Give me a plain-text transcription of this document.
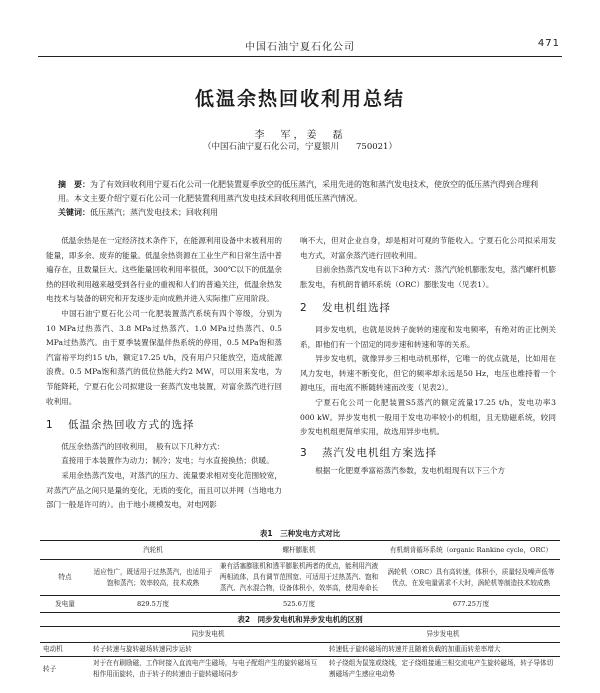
中国石油宁夏石化公司	471
低温余热回收利用总结
李　军，姜　磊
（中国石油宁夏石化公司，宁夏银川　　750021）
摘　要：为了有效回收利用宁夏石化公司一化肥装置夏季放空的低压蒸汽，采用先进的饱和蒸汽发电技术，使放空的低压蒸汽得到合理利用。本文主要介绍宁夏石化公司一化肥装置利用蒸汽发电技术回收利用低压蒸汽情况。
关键词：低压蒸汽；蒸汽发电技术；回收利用

低温余热是在一定经济技术条件下，在能源利用设备中未被利用的能量，即多余、废弃的能量。低温余热资源在工业生产和日常生活中普遍存在，且数量巨大。这些能量回收利用率很低，300℃以下的低温余热的回收利用越来越受到各行业的重视和人们的普遍关注，低温余热发电技术与装备的研究和开发逐步走向成熟并进入实际推广应用阶段。

中国石油宁夏石化公司一化肥装置蒸汽系统有四个等级，分别为10 MPa过热蒸汽、3.8 MPa过热蒸汽、1.0 MPa过热蒸汽、0.5 MPa过热蒸汽。由于夏季装置保温伴热系统的停用，0.5 MPa饱和蒸汽富裕平均约15 t/h，额定17.25 t/h，没有用户只能放空，造成能源浪费。0.5 MPa饱和蒸汽的低位热能大约2 MW，可以用来发电，为节能降耗，宁夏石化公司拟建设一套蒸汽发电装置，对富余蒸汽进行回收利用。

1 低温余热回收方式的选择

低压余热蒸汽的回收利用，　般有以下几种方式：

直接用于本装置作为动力；制冷；发电；与水直接换热；供暖。

采用余热蒸汽发电，对蒸汽的压力、流量要求相对变化范围较宽，对蒸汽产品之间只是量的变化，无质的变化，而且可以并网（当地电力部门一般是许可的）。由于地小规模发电，对电网影

响不大，但对企业自身，却是相对可观的节能收入。宁夏石化公司拟采用发电方式，对富余蒸汽进行回收利用。

目前余热蒸汽发电有以下3种方式：蒸汽汽轮机膨胀发电，蒸汽螺杆机膨胀发电，有机朗肯循环系统（ORC）膨胀发电（见表1）。

2 发电机组选择

同步发电机，也就是说转子旋转的速度和发电频率，有绝对的正比例关系，即他们有一个固定的同步速和转速和等的关系。

异步发电机，就像异步三相电动机那样，它唯一的优点就是，比如用在风力发电，转速不断变化，但它的频率却永远是50 Hz，电压也维持着一个源电压，而电流不断随转速而改变（见表2）。

宁夏石化公司一化肥装置S5蒸汽的额定流量17.25 t/h，发电功率3 000 kW。异步发电机一般用于发电功率较小的机组，且无励磁系统，较同步发电机组更简单实用，故选用异步电机。

3 蒸汽发电机组方案选择

根据一化肥夏季富裕蒸汽参数，发电机组现有以下三个方

表1　三种发电方式对比
	汽轮机	螺杆膨胀机	有机朗肯循环系统（organic Rankine cycle，ORC）
特点	适应性广，既适用于过热蒸汽，也适用于饱和蒸汽；效率较高，技术成熟	兼有活塞膨胀机和透平膨胀机两者的优点，能利用汽液两相流体，具有调节范围宽、可适用于过热蒸汽、饱和蒸汽、汽水混合物，设备体积小，效率高，使用寿命长	涡轮机（ORC）具有高转速，体积小，质量轻及噪声低等优点，在发电量需求不大时，涡轮机等制造技术较成熟
发电量	829.5万度	525.6万度	677.25万度
表2　同步发电机和异步发电机的区别
	同步发电机	异步发电机
电动机	转子转速与旋转磁场转速同步运转	转速低于旋转磁场的转速并且随着负载的加重而转差率增大
转子	对于在有刷励磁，工作时接入直流电产生磁场，与电子配组产生的旋转磁场互相作用而旋转，由于转子的转速由于旋转磁场同步	转子绕组为鼠笼或绕线，定子绕组接通三相交流电产生旋转磁场，转子导体切割磁场产生感应电动势
